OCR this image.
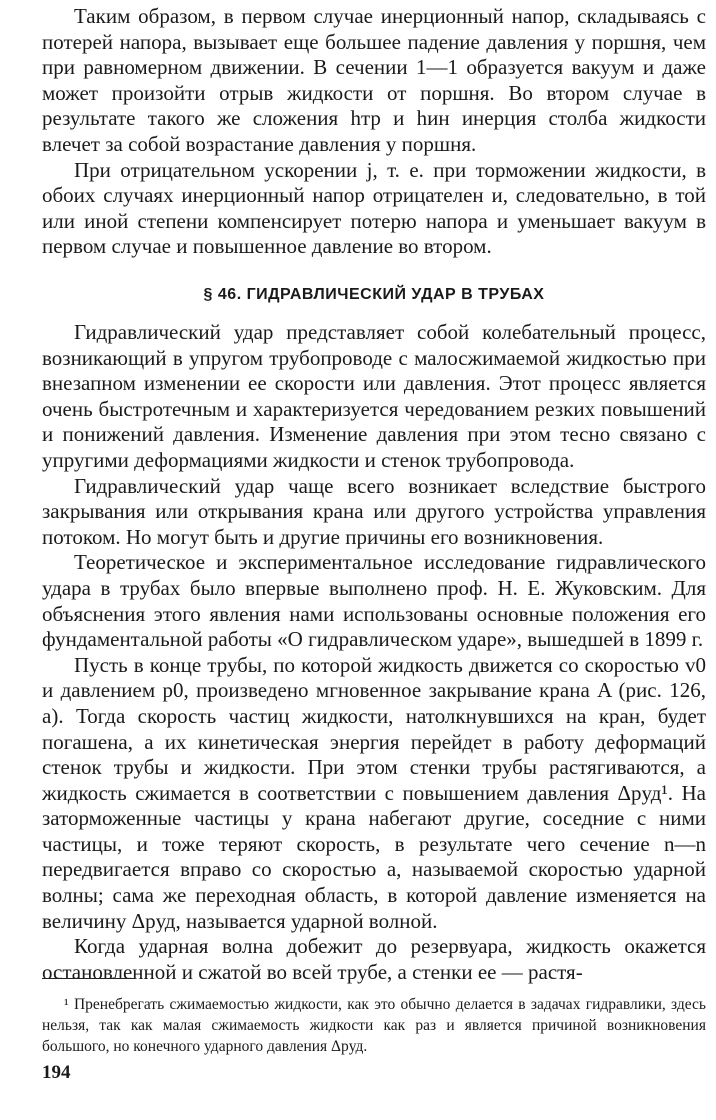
Таким образом, в первом случае инерционный напор, складываясь с потерей напора, вызывает еще большее падение давления у поршня, чем при равномерном движении. В сечении 1—1 образуется вакуум и даже может произойти отрыв жидкости от поршня. Во втором случае в результате такого же сложения hтр и hин инерция столба жидкости влечет за собой возрастание давления у поршня.

При отрицательном ускорении j, т. е. при торможении жидкости, в обоих случаях инерционный напор отрицателен и, следовательно, в той или иной степени компенсирует потерю напора и уменьшает вакуум в первом случае и повышенное давление во втором.

§ 46. ГИДРАВЛИЧЕСКИЙ УДАР В ТРУБАХ

Гидравлический удар представляет собой колебательный процесс, возникающий в упругом трубопроводе с малосжимаемой жидкостью при внезапном изменении ее скорости или давления. Этот процесс является очень быстротечным и характеризуется чередованием резких повышений и понижений давления. Изменение давления при этом тесно связано с упругими деформациями жидкости и стенок трубопровода.

Гидравлический удар чаще всего возникает вследствие быстрого закрывания или открывания крана или другого устройства управления потоком. Но могут быть и другие причины его возникновения.

Теоретическое и экспериментальное исследование гидравлического удара в трубах было впервые выполнено проф. Н. Е. Жуковским. Для объяснения этого явления нами использованы основные положения его фундаментальной работы «О гидравлическом ударе», вышедшей в 1899 г.

Пусть в конце трубы, по которой жидкость движется со скоростью v0 и давлением p0, произведено мгновенное закрывание крана A (рис. 126, а). Тогда скорость частиц жидкости, натолкнувшихся на кран, будет погашена, а их кинетическая энергия перейдет в работу деформаций стенок трубы и жидкости. При этом стенки трубы растягиваются, а жидкость сжимается в соответствии с повышением давления Δpуд¹. На заторможенные частицы у крана набегают другие, соседние с ними частицы, и тоже теряют скорость, в результате чего сечение n—n передвигается вправо со скоростью a, называемой скоростью ударной волны; сама же переходная область, в которой давление изменяется на величину Δpуд, называется ударной волной.

Когда ударная волна добежит до резервуара, жидкость окажется остановленной и сжатой во всей трубе, а стенки ее — растя-

¹ Пренебрегать сжимаемостью жидкости, как это обычно делается в задачах гидравлики, здесь нельзя, так как малая сжимаемость жидкости как раз и является причиной возникновения большого, но конечного ударного давления Δpуд.

194
